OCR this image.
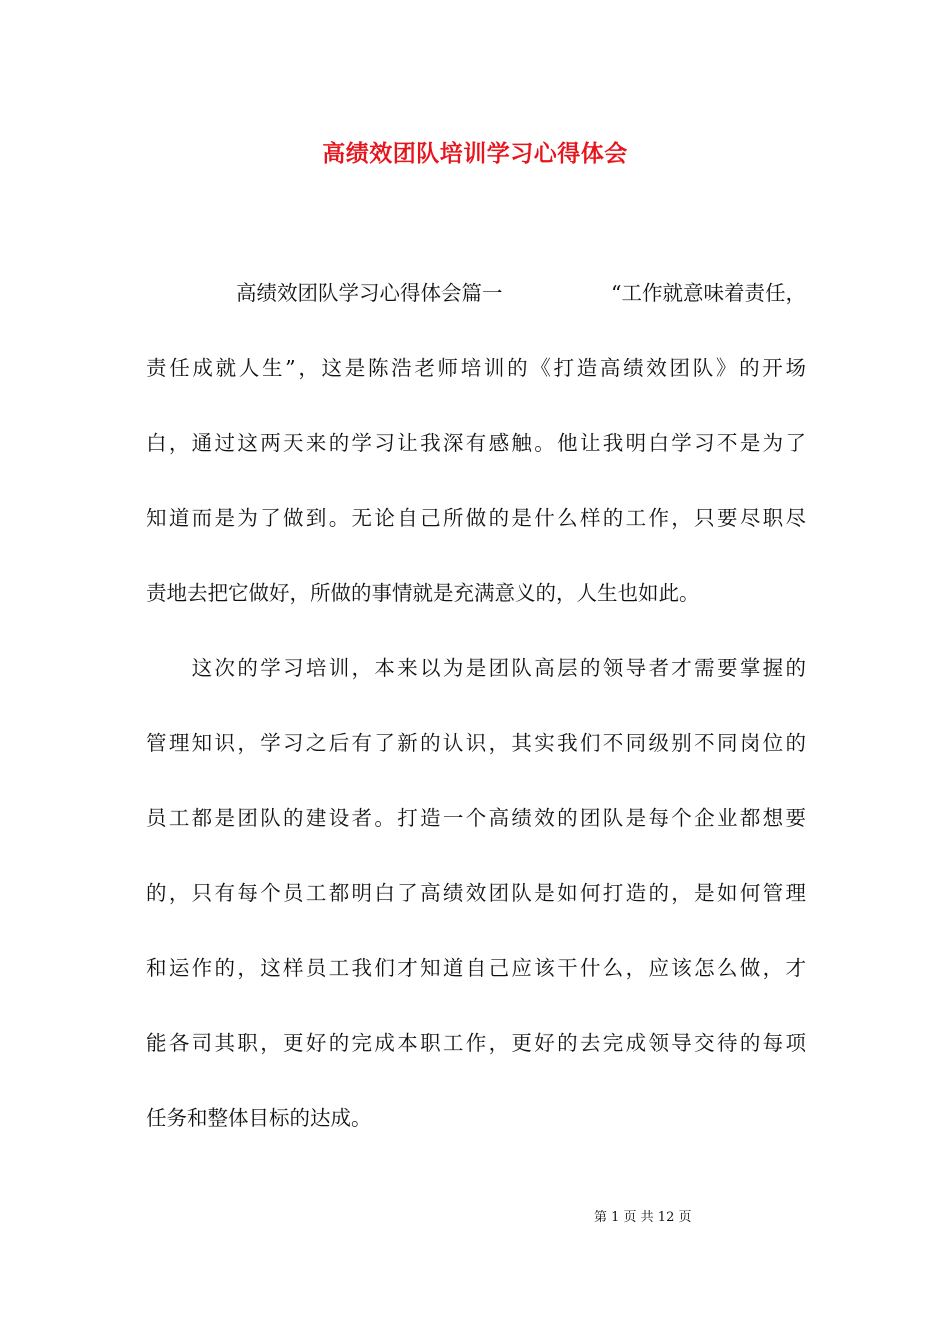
高绩效团队培训学习心得体会
高绩效团队学习心得体会篇一	“工作就意味着责任，
责任成就人生”，这是陈浩老师培训的《打造高绩效团队》的开场
白，通过这两天来的学习让我深有感触。他让我明白学习不是为了
知道而是为了做到。无论自己所做的是什么样的工作，只要尽职尽
责地去把它做好，所做的事情就是充满意义的，人生也如此。
　　这次的学习培训，本来以为是团队高层的领导者才需要掌握的
管理知识，学习之后有了新的认识，其实我们不同级别不同岗位的
员工都是团队的建设者。打造一个高绩效的团队是每个企业都想要
的，只有每个员工都明白了高绩效团队是如何打造的，是如何管理
和运作的，这样员工我们才知道自己应该干什么，应该怎么做，才
能各司其职，更好的完成本职工作，更好的去完成领导交待的每项
任务和整体目标的达成。
第 1 页 共 12 页
